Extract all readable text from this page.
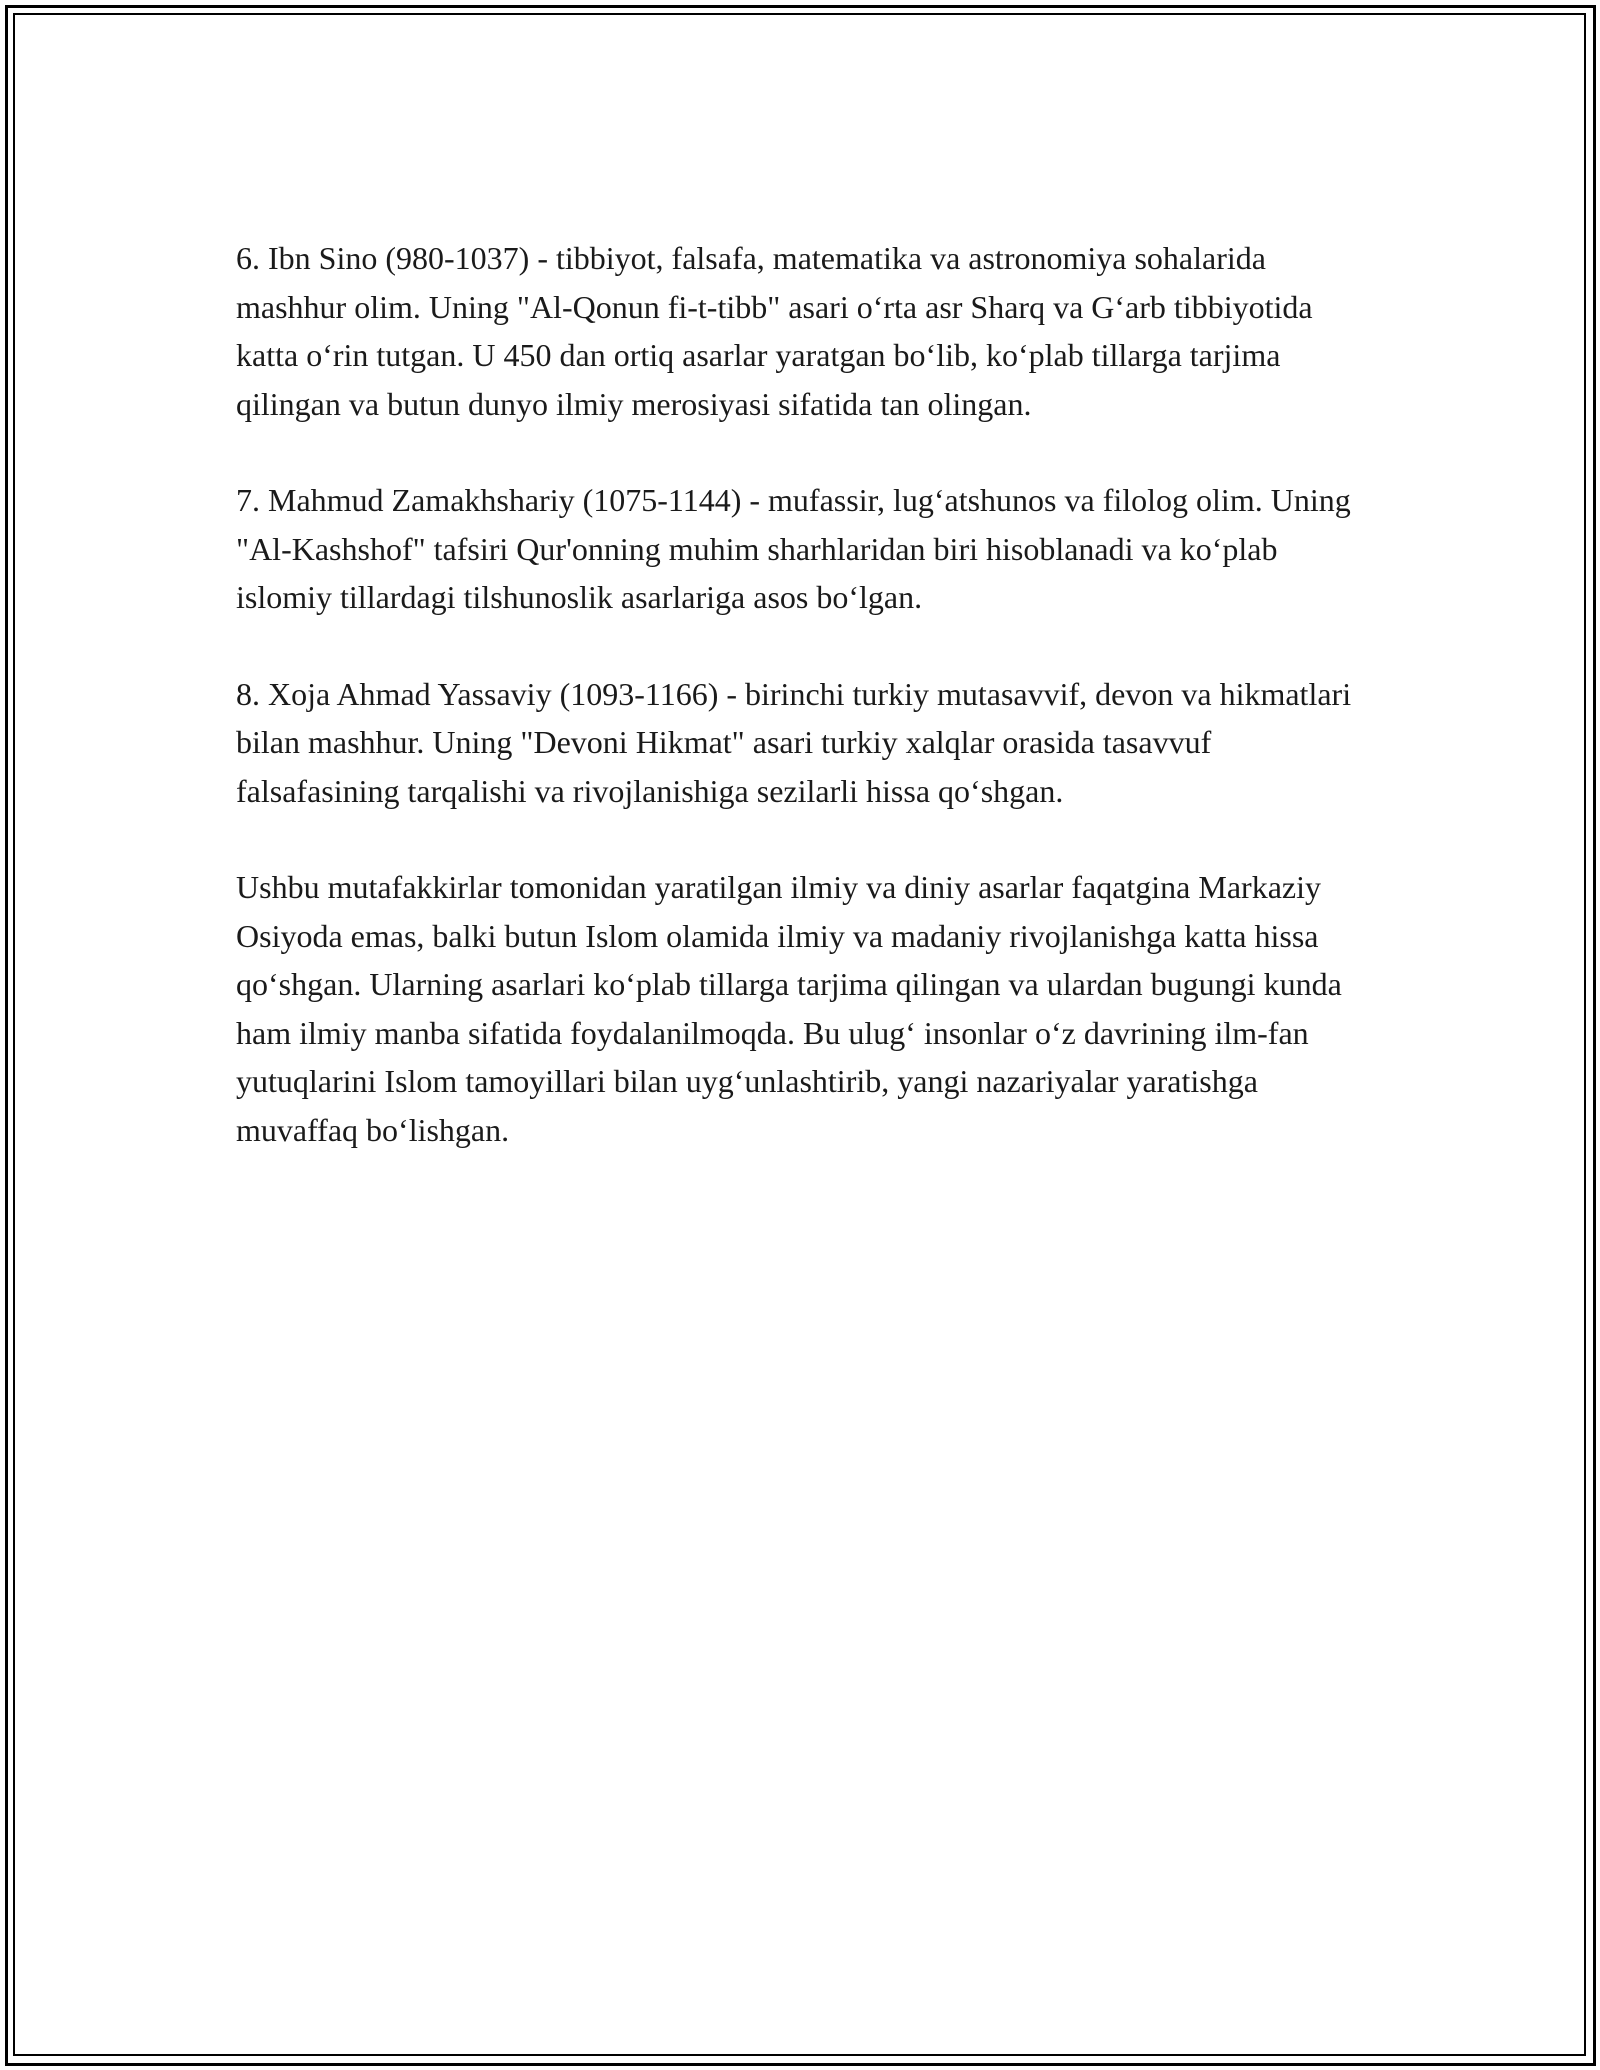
6. Ibn Sino (980-1037) - tibbiyot, falsafa, matematika va astronomiya sohalarida mashhur olim. Uning "Al-Qonun fi-t-tibb" asari o‘rta asr Sharq va G‘arb tibbiyotida katta o‘rin tutgan. U 450 dan ortiq asarlar yaratgan bo‘lib, ko‘plab tillarga tarjima qilingan va butun dunyo ilmiy merosiyasi sifatida tan olingan.

7. Mahmud Zamakhshariy (1075-1144) - mufassir, lug‘atshunos va filolog olim. Uning "Al-Kashshof" tafsiri Qur'onning muhim sharhlaridan biri hisoblanadi va ko‘plab islomiy tillardagi tilshunoslik asarlariga asos bo‘lgan.

8. Xoja Ahmad Yassaviy (1093-1166) - birinchi turkiy mutasavvif, devon va hikmatlari bilan mashhur. Uning "Devoni Hikmat" asari turkiy xalqlar orasida tasavvuf falsafasining tarqalishi va rivojlanishiga sezilarli hissa qo‘shgan.

Ushbu mutafakkirlar tomonidan yaratilgan ilmiy va diniy asarlar faqatgina Markaziy Osiyoda emas, balki butun Islom olamida ilmiy va madaniy rivojlanishga katta hissa qo‘shgan. Ularning asarlari ko‘plab tillarga tarjima qilingan va ulardan bugungi kunda ham ilmiy manba sifatida foydalanilmoqda. Bu ulug‘ insonlar o‘z davrining ilm-fan yutuqlarini Islom tamoyillari bilan uyg‘unlashtirib, yangi nazariyalar yaratishga muvaffaq bo‘lishgan.
